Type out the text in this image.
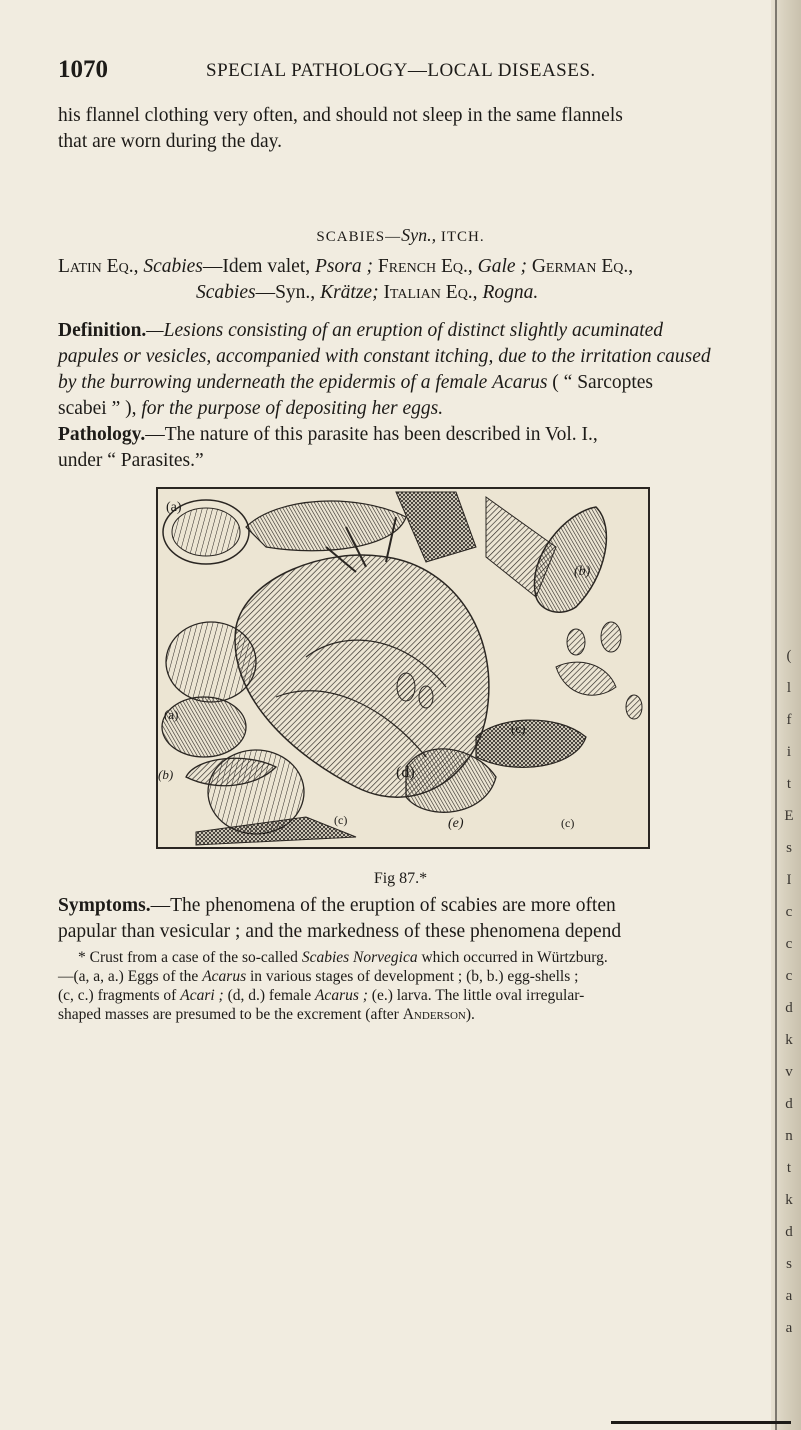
(
l
f
i
t
E
s
I
c
c
c
d
k
v
d
n
t
k
d
s
a
a
1070	SPECIAL PATHOLOGY—LOCAL DISEASES.
his flannel clothing very often, and should not sleep in the same flannels
that are worn during the day.
SCABIES—Syn., ITCH.
Latin Eq., Scabies—Idem valet, Psora ; French Eq., Gale ; German Eq.,
Scabies—Syn., Krätze; Italian Eq., Rogna.
Definition.—Lesions consisting of an eruption of distinct slightly acuminated
papules or vesicles, accompanied with constant itching, due to the irritation caused
by the burrowing underneath the epidermis of a female Acarus ( “ Sarcoptes
scabei ” ), for the purpose of depositing her eggs.
Pathology.—The nature of this parasite has been described in Vol. I.,
under “ Parasites.”
(a)
(b)
(a)
(b)
(c)
(d)
(c)	(e)	(c)
Fig 87.*
Symptoms.—The phenomena of the eruption of scabies are more often
papular than vesicular ; and the markedness of these phenomena depend
* Crust from a case of the so-called Scabies Norvegica which occurred in Würtzburg.
—(a, a, a.) Eggs of the Acarus in various stages of development ; (b, b.) egg-shells ;
(c, c.) fragments of Acari ; (d, d.) female Acarus ; (e.) larva. The little oval irregular-
shaped masses are presumed to be the excrement (after Anderson).
